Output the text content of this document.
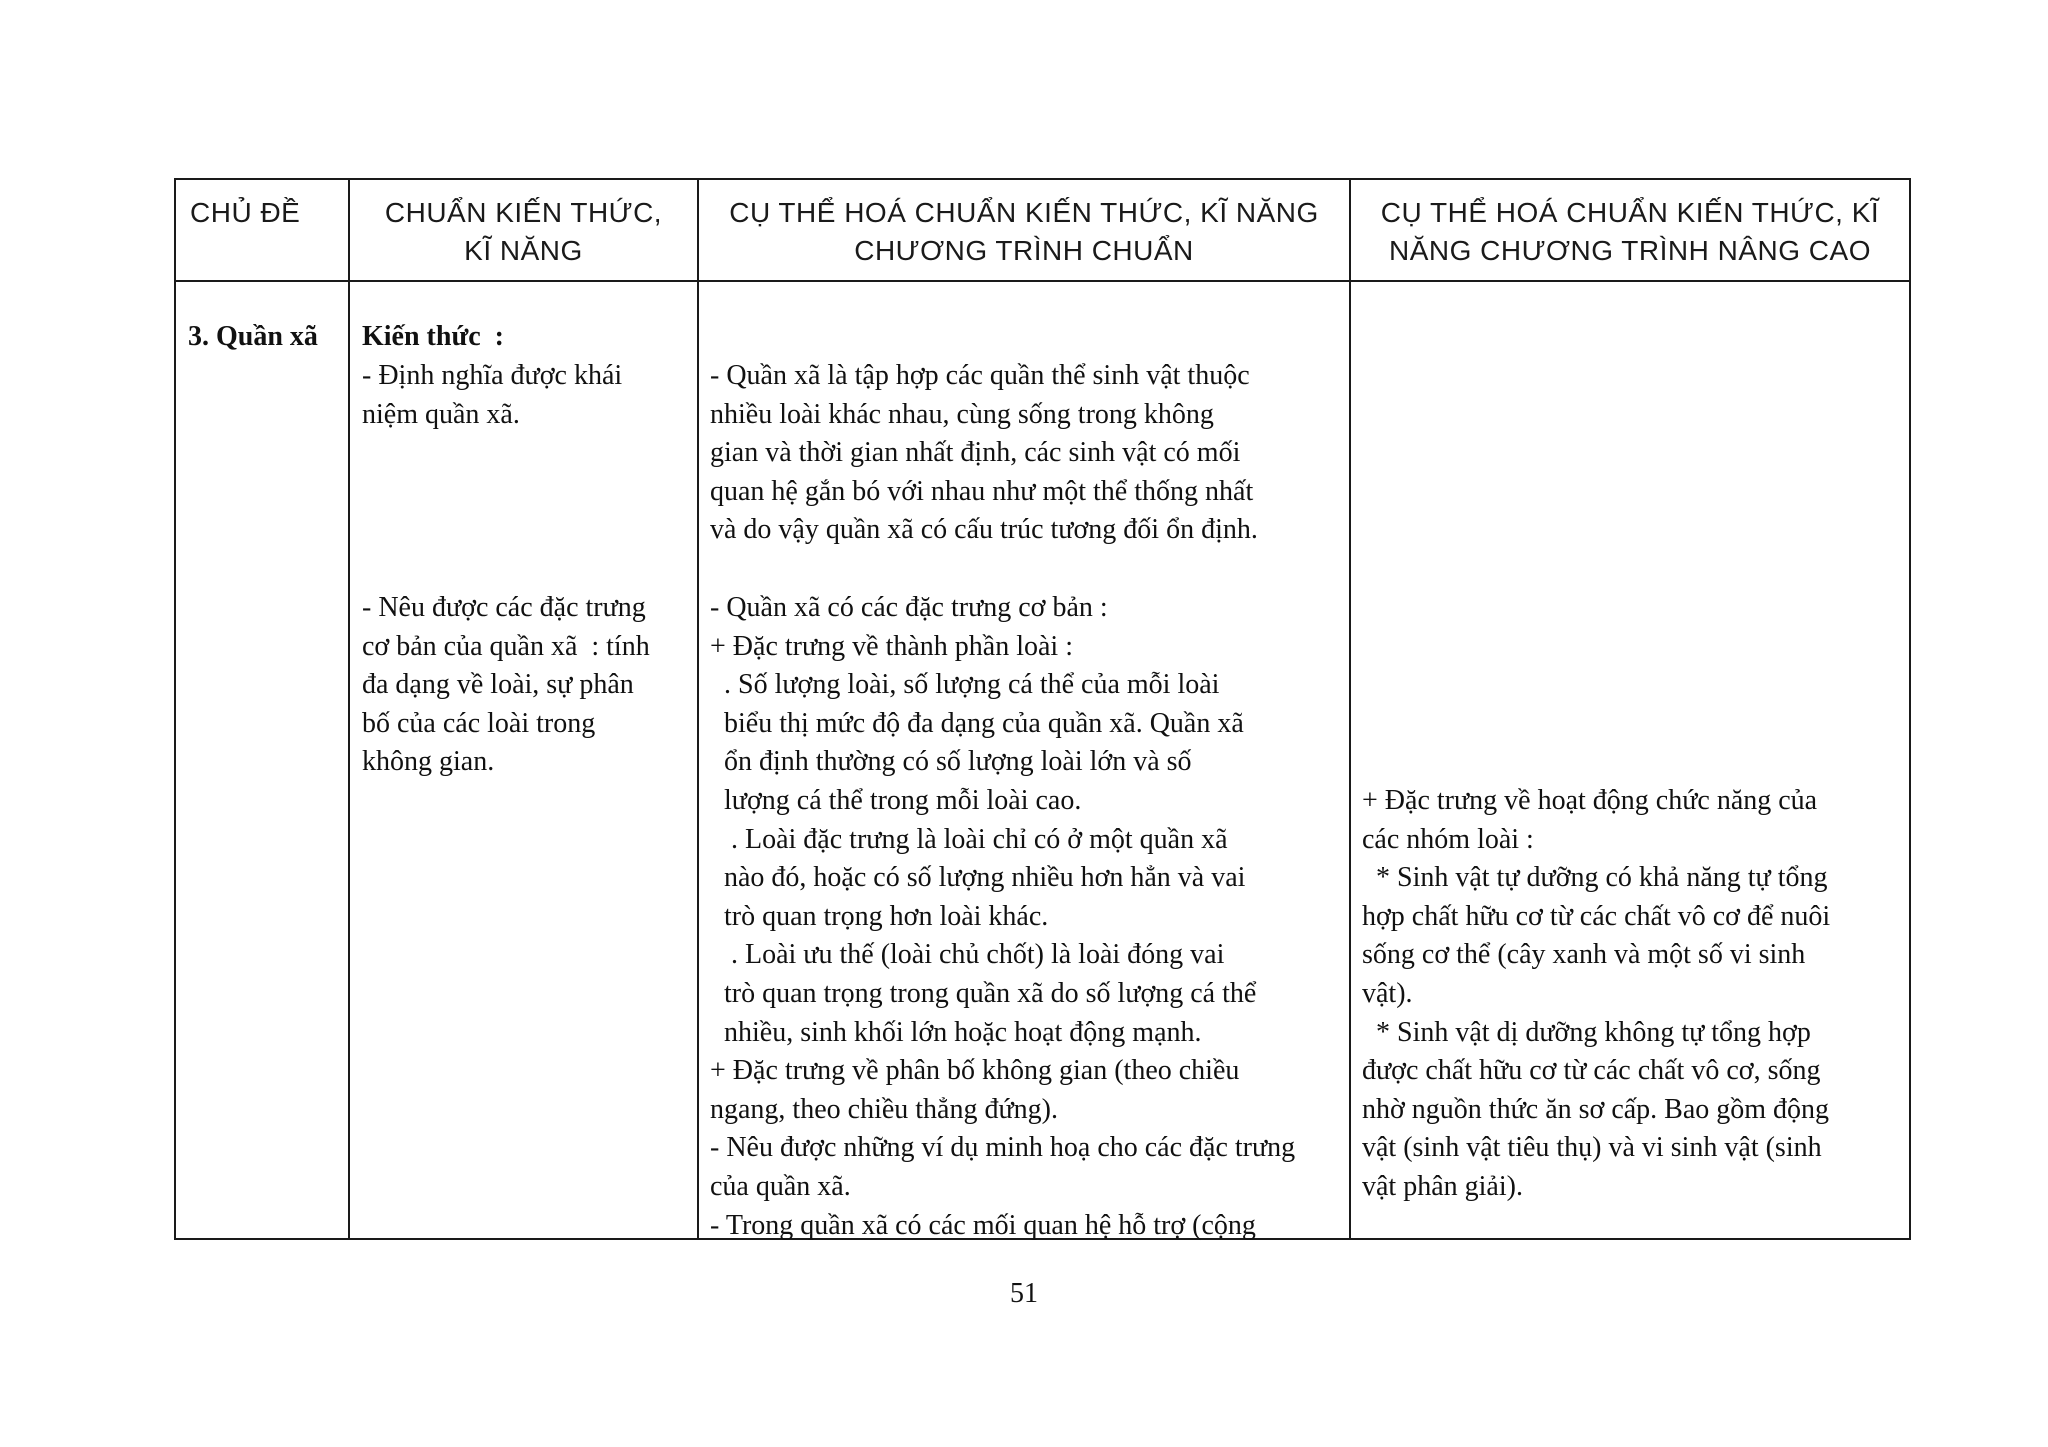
CHỦ ĐỀ	CHUẨN KIẾN THỨC,
KĨ NĂNG
CỤ THỂ HOÁ CHUẨN KIẾN THỨC, KĨ NĂNG
CHƯƠNG TRÌNH CHUẨN
CỤ THỂ HOÁ CHUẨN KIẾN THỨC, KĨ
NĂNG CHƯƠNG TRÌNH NÂNG CAO
3. Quần xã Kiến thức  :
- Định nghĩa được khái
niệm quần xã.
- Nêu được các đặc trưng
cơ bản của quần xã  : tính
đa dạng về loài, sự phân
bố của các loài trong
không gian.
- Quần xã là tập hợp các quần thể sinh vật thuộc
nhiều loài khác nhau, cùng sống trong không
gian và thời gian nhất định, các sinh vật có mối
quan hệ gắn bó với nhau như một thể thống nhất
và do vậy quần xã có cấu trúc tương đối ổn định.
- Quần xã có các đặc trưng cơ bản :
+ Đặc trưng về thành phần loài :
. Số lượng loài, số lượng cá thể của mỗi loài
biểu thị mức độ đa dạng của quần xã. Quần xã
ổn định thường có số lượng loài lớn và số
lượng cá thể trong mỗi loài cao.
. Loài đặc trưng là loài chỉ có ở một quần xã
nào đó, hoặc có số lượng nhiều hơn hẳn và vai
trò quan trọng hơn loài khác.
. Loài ưu thế (loài chủ chốt) là loài đóng vai
trò quan trọng trong quần xã do số lượng cá thể
nhiều, sinh khối lớn hoặc hoạt động mạnh.
+ Đặc trưng về phân bố không gian (theo chiều
ngang, theo chiều thẳng đứng).
- Nêu được những ví dụ minh hoạ cho các đặc trưng
của quần xã.
- Trong quần xã có các mối quan hệ hỗ trợ (cộng
+ Đặc trưng về hoạt động chức năng của
các nhóm loài :
* Sinh vật tự dưỡng có khả năng tự tổng
hợp chất hữu cơ từ các chất vô cơ để nuôi
sống cơ thể (cây xanh và một số vi sinh
vật).
* Sinh vật dị dưỡng không tự tổng hợp
được chất hữu cơ từ các chất vô cơ, sống
nhờ nguồn thức ăn sơ cấp. Bao gồm động
vật (sinh vật tiêu thụ) và vi sinh vật (sinh
vật phân giải).
51
